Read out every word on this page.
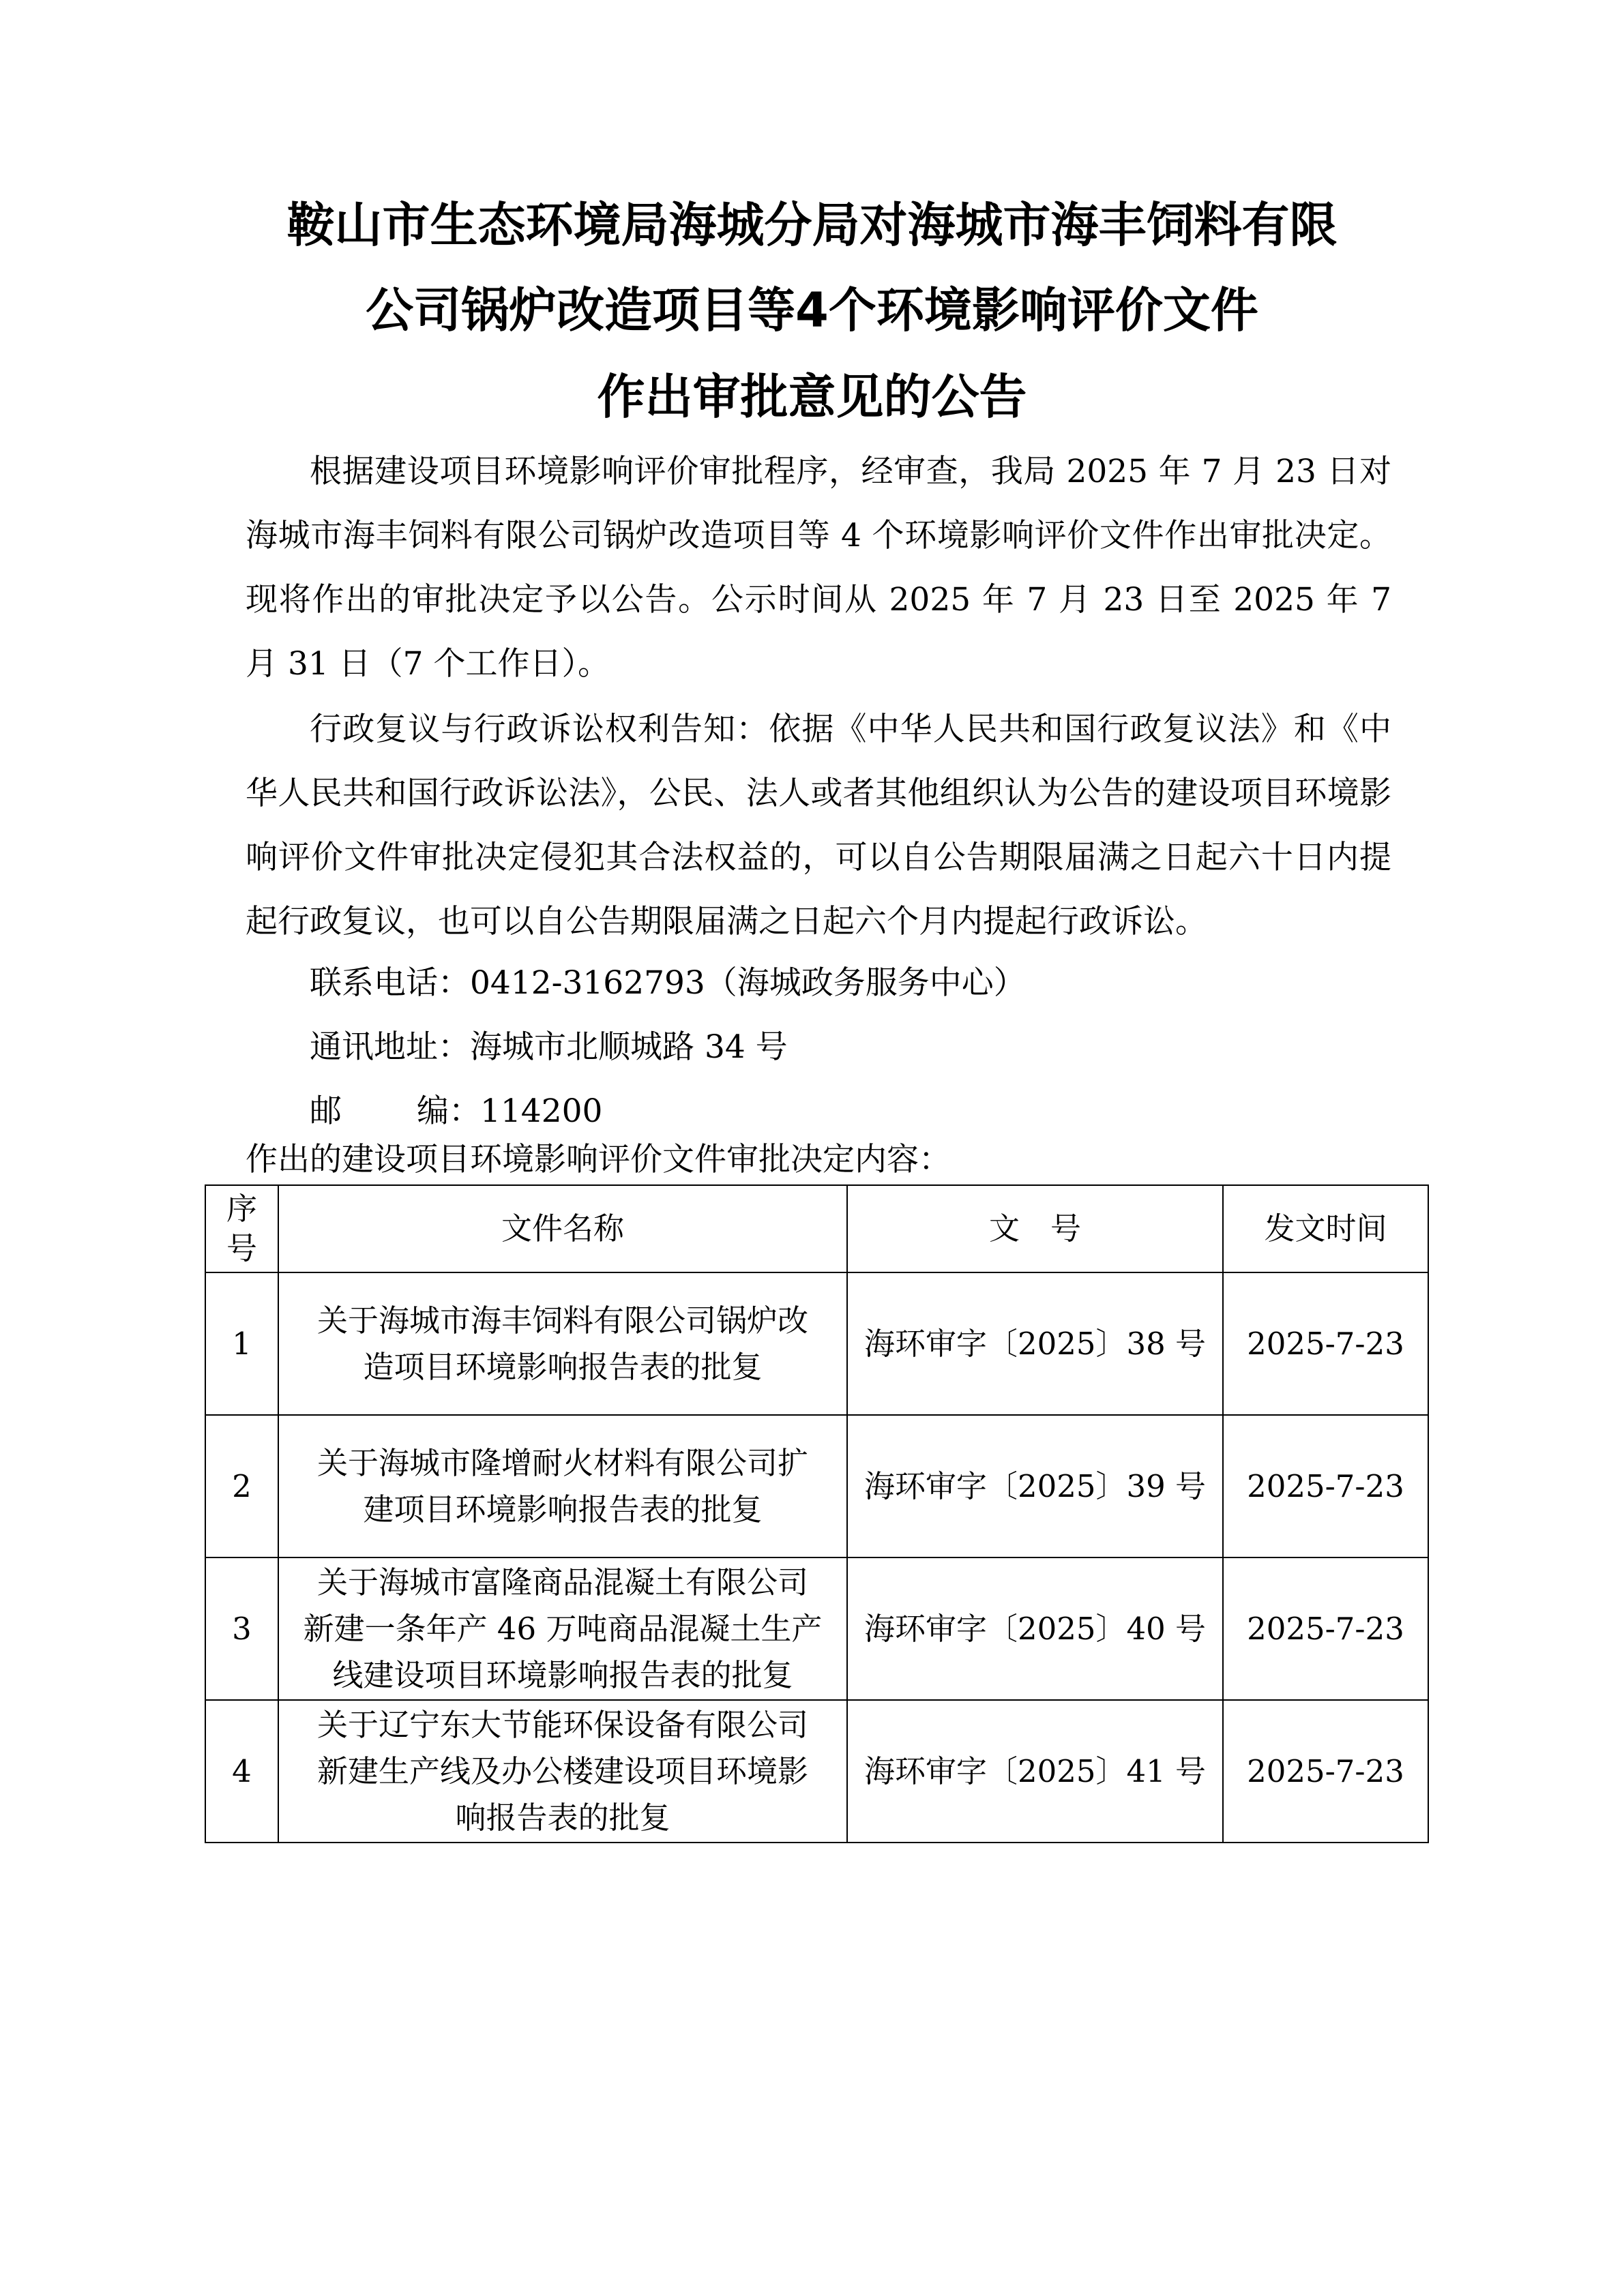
鞍山市生态环境局海城分局对海城市海丰饲料有限
公司锅炉改造项目等4个环境影响评价文件
作出审批意见的公告

根据建设项目环境影响评价审批程序，经审查，我局 2025 年 7 月 23 日对海城市海丰饲料有限公司锅炉改造项目等 4 个环境影响评价文件作出审批决定。现将作出的审批决定予以公告。公示时间从 2025 年 7 月 23 日至 2025 年 7 月 31 日（7 个工作日）。

行政复议与行政诉讼权利告知：依据《中华人民共和国行政复议法》和《中华人民共和国行政诉讼法》，公民、法人或者其他组织认为公告的建设项目环境影响评价文件审批决定侵犯其合法权益的，可以自公告期限届满之日起六十日内提起行政复议，也可以自公告期限届满之日起六个月内提起行政诉讼。

联系电话：0412-3162793（海城政务服务中心）
通讯地址：海城市北顺城路 34 号
邮 编：114200
作出的建设项目环境影响评价文件审批决定内容：
序
号	文件名称	文　号	发文时间
1	关于海城市海丰饲料有限公司锅炉改
造项目环境影响报告表的批复	海环审字〔2025〕38 号	2025-7-23
2	关于海城市隆增耐火材料有限公司扩
建项目环境影响报告表的批复	海环审字〔2025〕39 号	2025-7-23
3	关于海城市富隆商品混凝土有限公司
新建一条年产 46 万吨商品混凝土生产
线建设项目环境影响报告表的批复	海环审字〔2025〕40 号	2025-7-23
4	关于辽宁东大节能环保设备有限公司
新建生产线及办公楼建设项目环境影
响报告表的批复	海环审字〔2025〕41 号	2025-7-23
